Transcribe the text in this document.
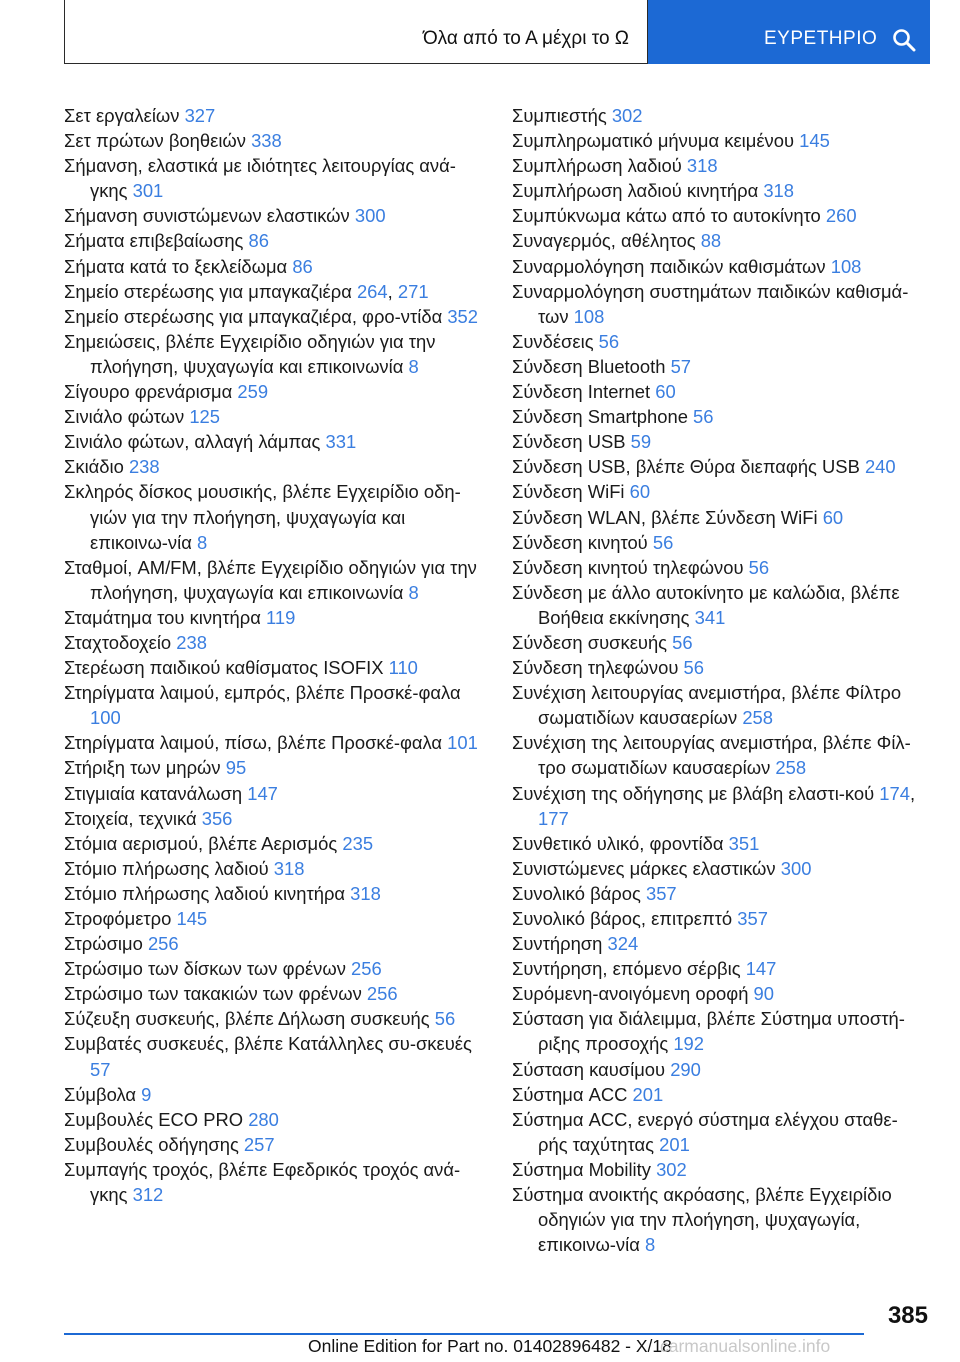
Όλα από το Α μέχρι το Ω	ΕΥΡΕΤΗΡΙΟ

Σετ εργαλείων 327

Σετ πρώτων βοηθειών 338

Σήμανση, ελαστικά με ιδιότητες λειτουργίας ανά-γκης 301

Σήμανση συνιστώμενων ελαστικών 300

Σήματα επιβεβαίωσης 86

Σήματα κατά το ξεκλείδωμα 86

Σημείο στερέωσης για μπαγκαζιέρα 264, 271

Σημείο στερέωσης για μπαγκαζιέρα, φρο-ντίδα 352

Σημειώσεις, βλέπε Εγχειρίδιο οδηγιών για την πλοήγηση, ψυχαγωγία και επικοινωνία 8

Σίγουρο φρενάρισμα 259

Σινιάλο φώτων 125

Σινιάλο φώτων, αλλαγή λάμπας 331

Σκιάδιο 238

Σκληρός δίσκος μουσικής, βλέπε Εγχειρίδιο οδη-γιών για την πλοήγηση, ψυχαγωγία και επικοινω-νία 8

Σταθμοί, AM/FM, βλέπε Εγχειρίδιο οδηγιών για την πλοήγηση, ψυχαγωγία και επικοινωνία 8

Σταμάτημα του κινητήρα 119

Σταχτοδοχείο 238

Στερέωση παιδικού καθίσματος ISOFIX 110

Στηρίγματα λαιμού, εμπρός, βλέπε Προσκέ-φαλα 100

Στηρίγματα λαιμού, πίσω, βλέπε Προσκέ-φαλα 101

Στήριξη των μηρών 95

Στιγμιαία κατανάλωση 147

Στοιχεία, τεχνικά 356

Στόμια αερισμού, βλέπε Αερισμός 235

Στόμιο πλήρωσης λαδιού 318

Στόμιο πλήρωσης λαδιού κινητήρα 318

Στροφόμετρο 145

Στρώσιμο 256

Στρώσιμο των δίσκων των φρένων 256

Στρώσιμο των τακακιών των φρένων 256

Σύζευξη συσκευής, βλέπε Δήλωση συσκευής 56

Συμβατές συσκευές, βλέπε Κατάλληλες συ-σκευές 57

Σύμβολα 9

Συμβουλές ECO PRO 280

Συμβουλές οδήγησης 257

Συμπαγής τροχός, βλέπε Εφεδρικός τροχός ανά-γκης 312

Συμπιεστής 302

Συμπληρωματικό μήνυμα κειμένου 145

Συμπλήρωση λαδιού 318

Συμπλήρωση λαδιού κινητήρα 318

Συμπύκνωμα κάτω από το αυτοκίνητο 260

Συναγερμός, αθέλητος 88

Συναρμολόγηση παιδικών καθισμάτων 108

Συναρμολόγηση συστημάτων παιδικών καθισμά-των 108

Συνδέσεις 56

Σύνδεση Bluetooth 57

Σύνδεση Internet 60

Σύνδεση Smartphone 56

Σύνδεση USB 59

Σύνδεση USB, βλέπε Θύρα διεπαφής USB 240

Σύνδεση WiFi 60

Σύνδεση WLAN, βλέπε Σύνδεση WiFi 60

Σύνδεση κινητού 56

Σύνδεση κινητού τηλεφώνου 56

Σύνδεση με άλλο αυτοκίνητο με καλώδια, βλέπε Βοήθεια εκκίνησης 341

Σύνδεση συσκευής 56

Σύνδεση τηλεφώνου 56

Συνέχιση λειτουργίας ανεμιστήρα, βλέπε Φίλτρο σωματιδίων καυσαερίων 258

Συνέχιση της λειτουργίας ανεμιστήρα, βλέπε Φίλ-τρο σωματιδίων καυσαερίων 258

Συνέχιση της οδήγησης με βλάβη ελαστι-κού 174, 177

Συνθετικό υλικό, φροντίδα 351

Συνιστώμενες μάρκες ελαστικών 300

Συνολικό βάρος 357

Συνολικό βάρος, επιτρεπτό 357

Συντήρηση 324

Συντήρηση, επόμενο σέρβις 147

Συρόμενη-ανοιγόμενη οροφή 90

Σύσταση για διάλειμμα, βλέπε Σύστημα υποστή-ριξης προσοχής 192

Σύσταση καυσίμου 290

Σύστημα ACC 201

Σύστημα ACC, ενεργό σύστημα ελέγχου σταθε-ρής ταχύτητας 201

Σύστημα Mobility 302

Σύστημα ανοικτής ακρόασης, βλέπε Εγχειρίδιο οδηγιών για την πλοήγηση, ψυχαγωγία, επικοινω-νία 8

385
Online Edition for Part no. 01402896482 - X/18
carmanualsonline.info
